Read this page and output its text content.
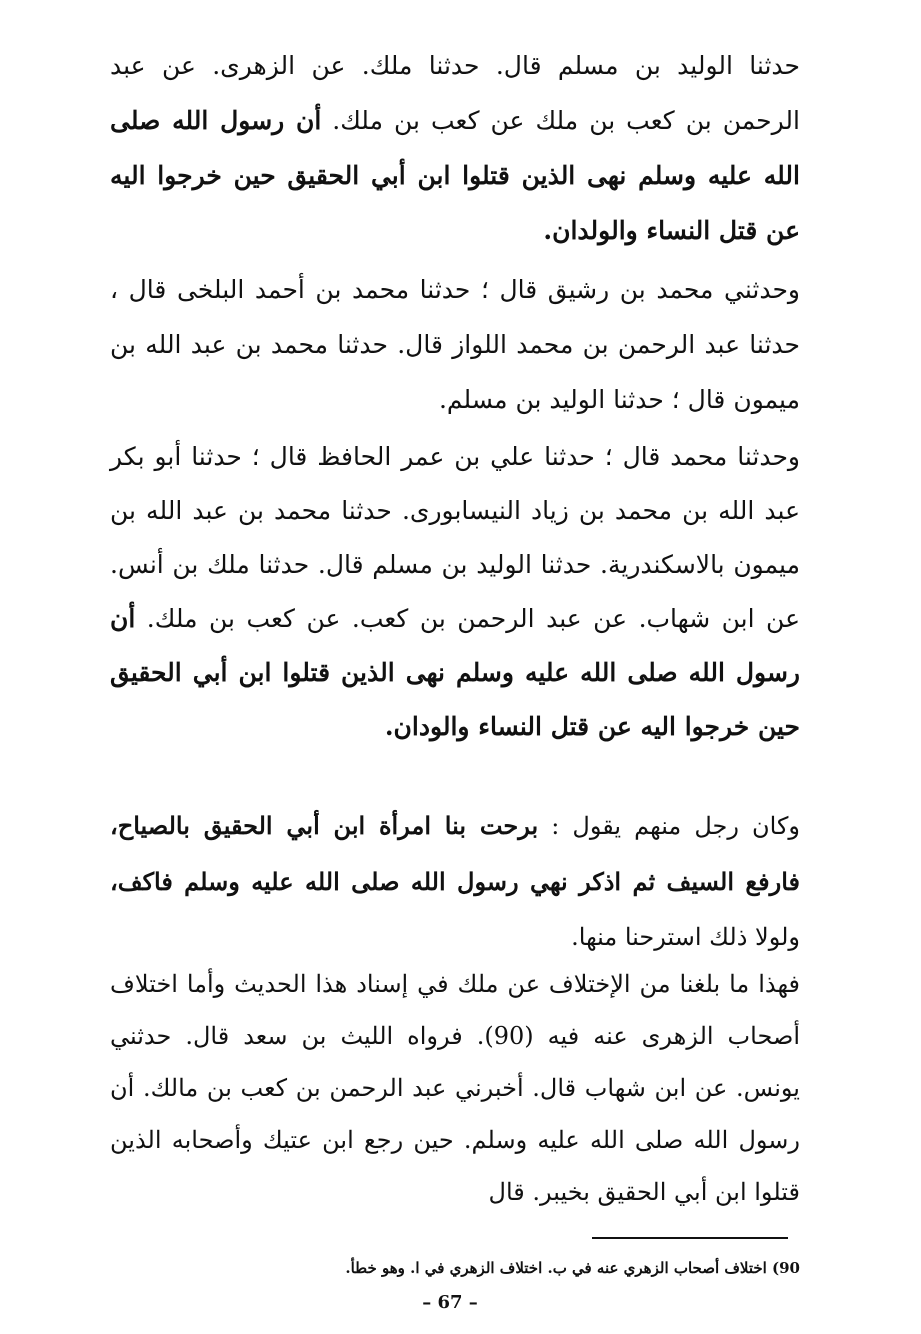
حدثنا الوليد بن مسلم قال. حدثنا ملك. عن الزهرى. عن عبد الرحمن بن كعب بن ملك عن كعب بن ملك. أن رسول الله صلى الله عليه وسلم نهى الذين قتلوا ابن أبي الحقيق حين خرجوا اليه عن قتل النساء والولدان.

وحدثني محمد بن رشيق قال ؛ حدثنا محمد بن أحمد البلخى قال ، حدثنا عبد الرحمن بن محمد اللواز قال. حدثنا محمد بن عبد الله بن ميمون قال ؛ حدثنا الوليد بن مسلم.

وحدثنا محمد قال ؛ حدثنا علي بن عمر الحافظ قال ؛ حدثنا أبو بكر عبد الله بن محمد بن زياد النيسابورى. حدثنا محمد بن عبد الله بن ميمون بالاسكندرية. حدثنا الوليد بن مسلم قال. حدثنا ملك بن أنس. عن ابن شهاب. عن عبد الرحمن بن كعب. عن كعب بن ملك. أن رسول الله صلى الله عليه وسلم نهى الذين قتلوا ابن أبي الحقيق حين خرجوا اليه عن قتل النساء والودان.

وكان رجل منهم يقول : برحت بنا امرأة ابن أبي الحقيق بالصياح، فارفع السيف ثم اذكر نهي رسول الله صلى الله عليه وسلم فاكف، ولولا ذلك استرحنا منها.

فهذا ما بلغنا من الإختلاف عن ملك في إسناد هذا الحديث وأما اختلاف أصحاب الزهرى عنه فيه (90). فرواه الليث بن سعد قال. حدثني يونس. عن ابن شهاب قال. أخبرني عبد الرحمن بن كعب بن مالك. أن رسول الله صلى الله عليه وسلم. حين رجع ابن عتيك وأصحابه الذين قتلوا ابن أبي الحقيق بخيبر. قال

90) اختلاف أصحاب الزهري عنه في ب. اختلاف الزهري في ا. وهو خطأ.

– 67 –
